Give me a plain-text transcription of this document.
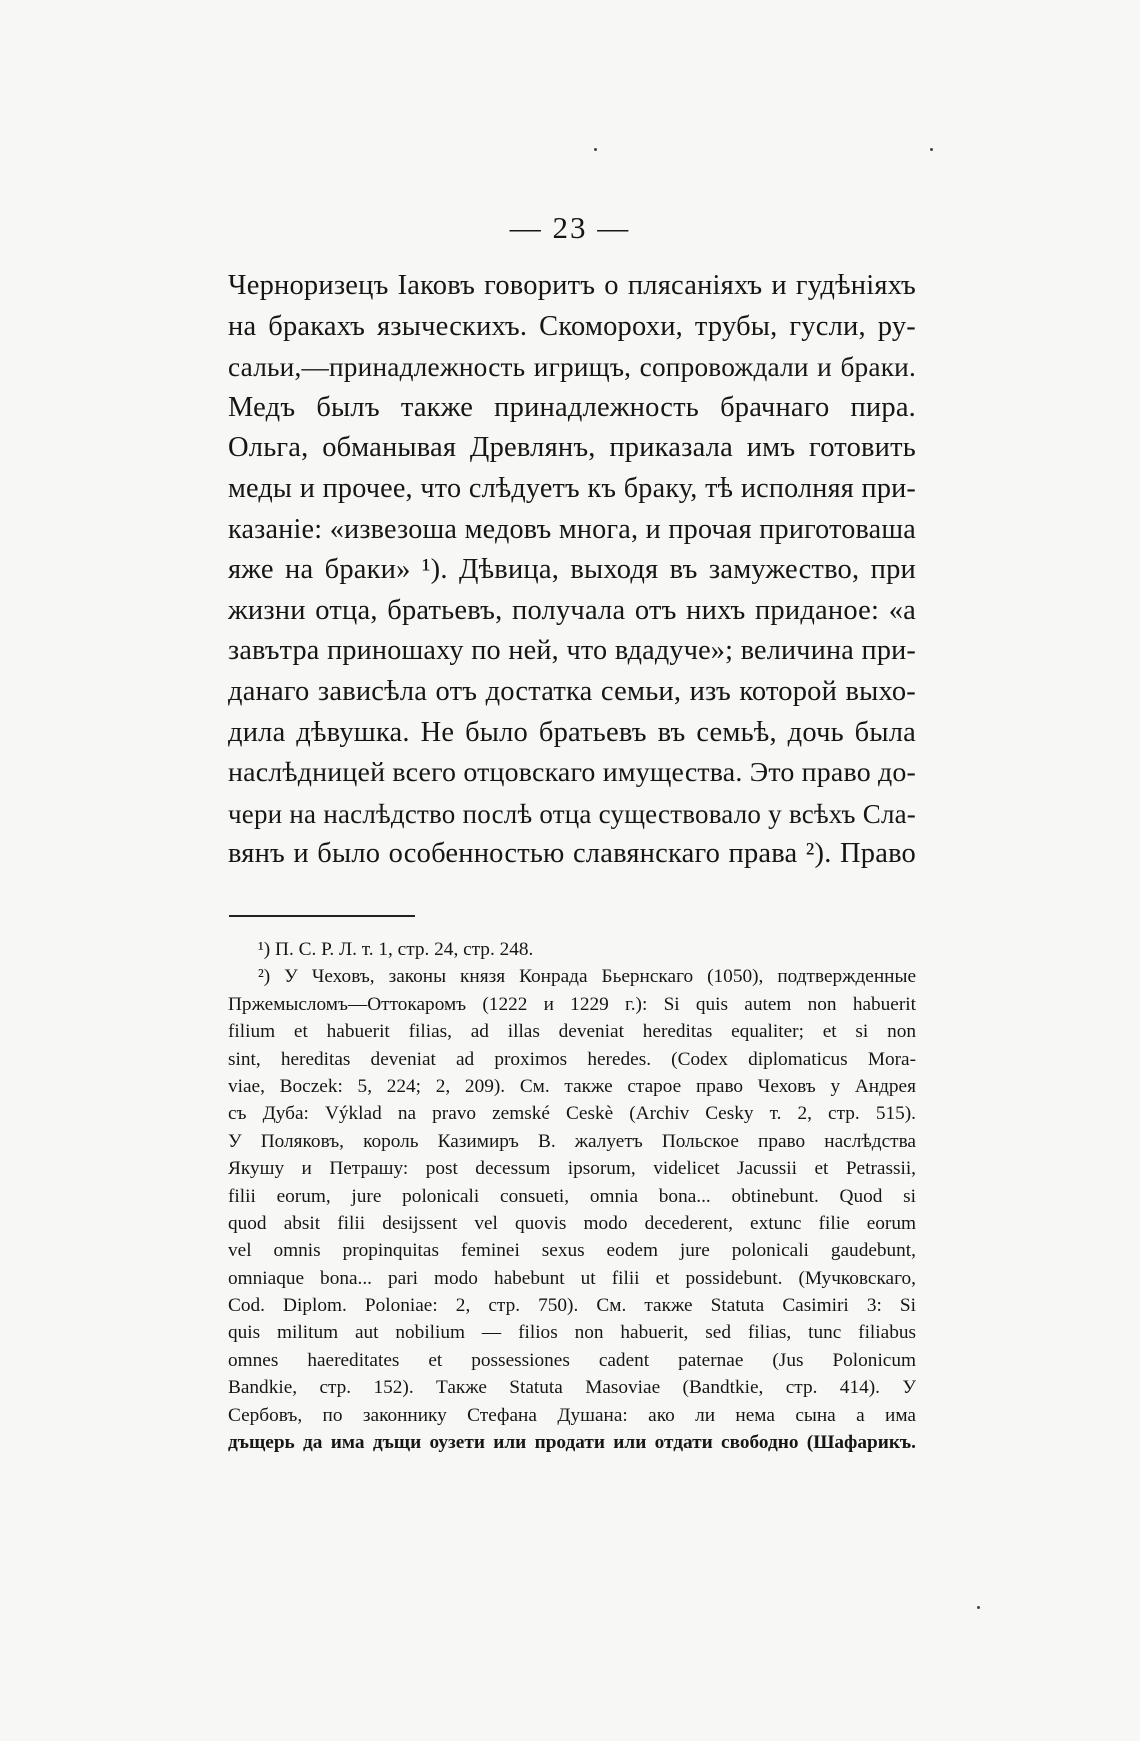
— 23 —
Черноризецъ Іаковъ говоритъ о плясаніяхъ и гудѣніяхъ
на бракахъ языческихъ. Скоморохи, трубы, гусли, ру-
сальи,—принадлежность игрищъ, сопровождали и браки.
Медъ былъ также принадлежность брачнаго пира.
Ольга, обманывая Древлянъ, приказала имъ готовить
меды и прочее, что слѣдуетъ къ браку, тѣ исполняя при-
казаніе: «извезоша медовъ многа, и прочая приготоваша
яже на браки» ¹). Дѣвица, выходя въ замужество, при
жизни отца, братьевъ, получала отъ нихъ приданое: «а
завътра приношаху по ней, что вдадуче»; величина при-
данаго зависѣла отъ достатка семьи, изъ которой выхо-
дила дѣвушка. Не было братьевъ въ семьѣ, дочь была
наслѣдницей всего отцовскаго имущества. Это право до-
чери на наслѣдство послѣ отца существовало у всѣхъ Сла-
вянъ и было особенностью славянскаго права ²). Право
¹) П. С. Р. Л. т. 1, стр. 24, стр. 248.
²) У Чеховъ, законы князя Конрада Бьернскаго (1050), подтвержденные
Пржемысломъ—Оттокаромъ (1222 и 1229 г.): Si quis autem non habuerit
filium et habuerit filias, ad illas deveniat hereditas equaliter; et si non
sint, hereditas deveniat ad proximos heredes. (Codex diplomaticus Mora-
viae, Boczek: 5, 224; 2, 209). См. также старое право Чеховъ у Андрея
съ Дуба: Výklad na pravo zemské Ceskè (Archiv Cesky т. 2, стр. 515).
У Поляковъ, король Казимиръ В. жалуетъ Польское право наслѣдства
Якушу и Петрашу: post decessum ipsorum, videlicet Jacussii et Petrassii,
filii eorum, jure polonicali consueti, omnia bona... obtinebunt. Quod si
quod absit filii desijssent vel quovis modo decederent, extunc filie eorum
vel omnis propinquitas feminei sexus eodem jure polonicali gaudebunt,
omniaque bona... pari modo habebunt ut filii et possidebunt. (Мучковскаго,
Cod. Diplom. Poloniae: 2, стр. 750). См. также Statuta Casimiri 3: Si
quis militum aut nobilium — filios non habuerit, sed filias, tunc filiabus
omnes haereditates et possessiones cadent paternae (Jus Polonicum
Bandkie, стр. 152). Также Statuta Masoviae (Bandtkie, стр. 414). У
Сербовъ, по законнику Стефана Душана: ако ли нема сына а има
дъщерь да има дъщи оузети или продати или отдати свободно (Шафарикъ.
